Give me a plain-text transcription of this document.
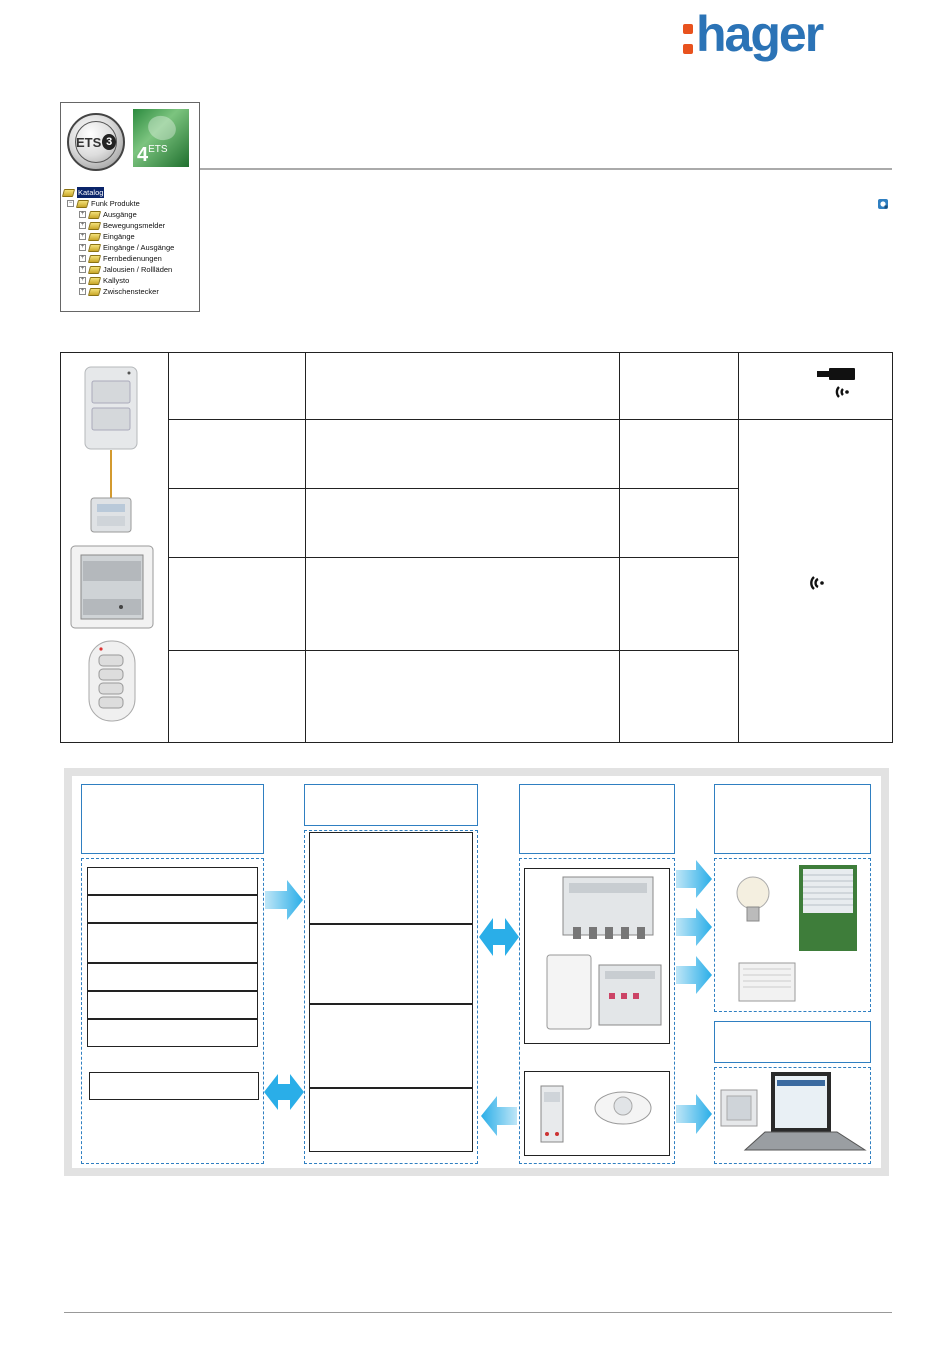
hager
ETS 3
$4^{ETS}$
Katalog
−	Funk Produkte
+	Ausgänge
+	Bewegungsmelder
+	Eingänge
+	Eingänge / Ausgänge
+	Fernbedienungen
+	Jalousien / Rollläden
+	Kallysto
+	Zwischenstecker
